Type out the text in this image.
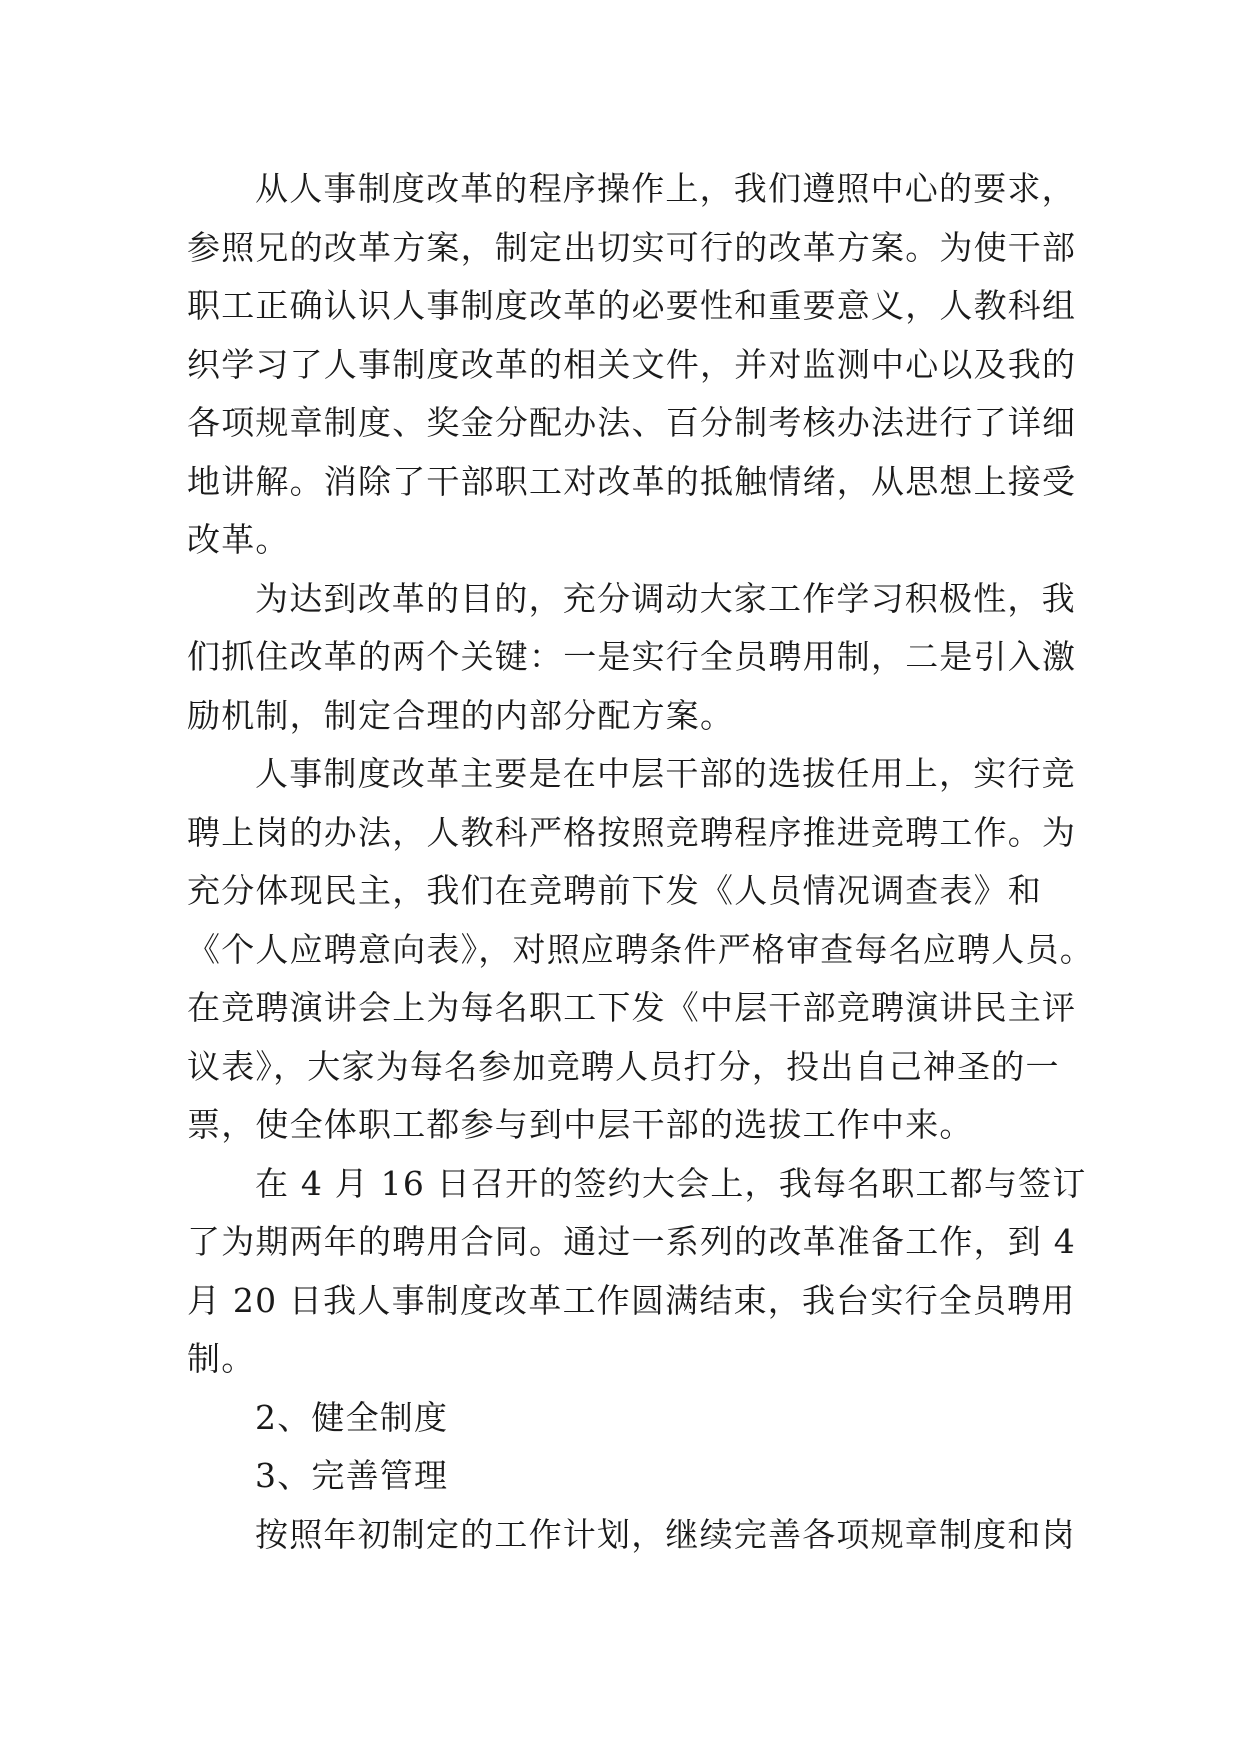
从人事制度改革的程序操作上，我们遵照中心的要求，
参照兄的改革方案，制定出切实可行的改革方案。为使干部
职工正确认识人事制度改革的必要性和重要意义，人教科组
织学习了人事制度改革的相关文件，并对监测中心以及我的
各项规章制度、奖金分配办法、百分制考核办法进行了详细
地讲解。消除了干部职工对改革的抵触情绪，从思想上接受
改革。
为达到改革的目的，充分调动大家工作学习积极性，我
们抓住改革的两个关键：一是实行全员聘用制，二是引入激
励机制，制定合理的内部分配方案。
人事制度改革主要是在中层干部的选拔任用上，实行竞
聘上岗的办法，人教科严格按照竞聘程序推进竞聘工作。为
充分体现民主，我们在竞聘前下发《人员情况调查表》和
《个人应聘意向表》，对照应聘条件严格审查每名应聘人员。
在竞聘演讲会上为每名职工下发《中层干部竞聘演讲民主评
议表》，大家为每名参加竞聘人员打分，投出自己神圣的一
票，使全体职工都参与到中层干部的选拔工作中来。
在 4 月 16 日召开的签约大会上，我每名职工都与签订
了为期两年的聘用合同。通过一系列的改革准备工作，到 4
月 20 日我人事制度改革工作圆满结束，我台实行全员聘用
制。
2、健全制度
3、完善管理
按照年初制定的工作计划，继续完善各项规章制度和岗
